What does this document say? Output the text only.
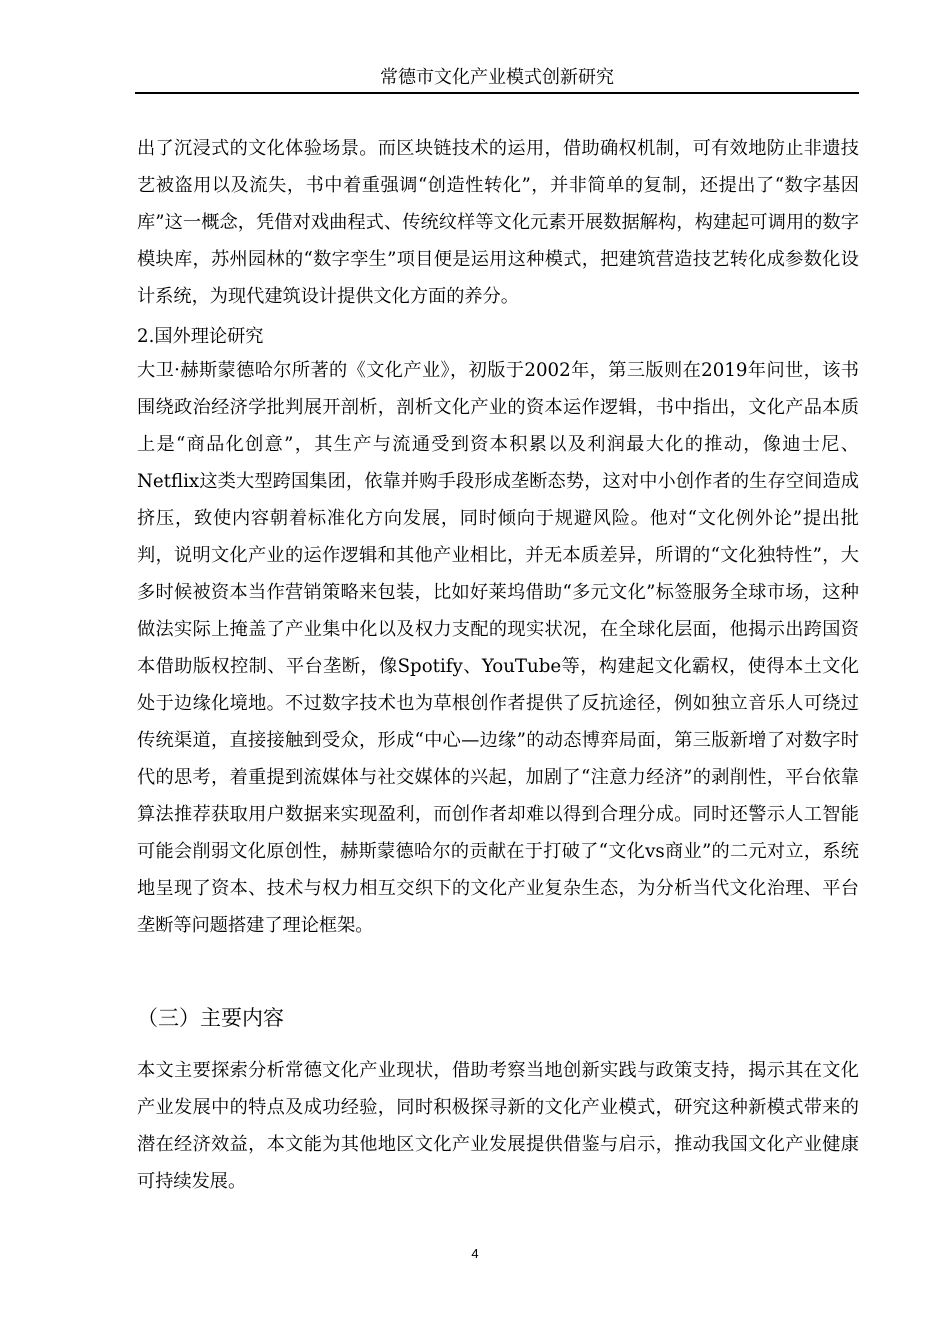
常德市文化产业模式创新研究

出了沉浸式的文化体验场景。而区块链技术的运用，借助确权机制，可有效地防止非遗技艺被盗用以及流失，书中着重强调“创造性转化”，并非简单的复制，还提出了“数字基因库”这一概念，凭借对戏曲程式、传统纹样等文化元素开展数据解构，构建起可调用的数字模块库，苏州园林的“数字孪生”项目便是运用这种模式，把建筑营造技艺转化成参数化设计系统，为现代建筑设计提供文化方面的养分。

2.国外理论研究

大卫·赫斯蒙德哈尔所著的《文化产业》，初版于2002年，第三版则在2019年问世，该书围绕政治经济学批判展开剖析，剖析文化产业的资本运作逻辑，书中指出，文化产品本质上是“商品化创意”，其生产与流通受到资本积累以及利润最大化的推动，像迪士尼、Netflix这类大型跨国集团，依靠并购手段形成垄断态势，这对中小创作者的生存空间造成挤压，致使内容朝着标准化方向发展，同时倾向于规避风险。他对“文化例外论”提出批判，说明文化产业的运作逻辑和其他产业相比，并无本质差异，所谓的“文化独特性”，大多时候被资本当作营销策略来包装，比如好莱坞借助“多元文化”标签服务全球市场，这种做法实际上掩盖了产业集中化以及权力支配的现实状况，在全球化层面，他揭示出跨国资本借助版权控制、平台垄断，像Spotify、YouTube等，构建起文化霸权，使得本土文化处于边缘化境地。不过数字技术也为草根创作者提供了反抗途径，例如独立音乐人可绕过传统渠道，直接接触到受众，形成“中心—边缘”的动态博弈局面，第三版新增了对数字时代的思考，着重提到流媒体与社交媒体的兴起，加剧了“注意力经济”的剥削性，平台依靠算法推荐获取用户数据来实现盈利，而创作者却难以得到合理分成。同时还警示人工智能可能会削弱文化原创性，赫斯蒙德哈尔的贡献在于打破了“文化vs商业”的二元对立，系统地呈现了资本、技术与权力相互交织下的文化产业复杂生态，为分析当代文化治理、平台垄断等问题搭建了理论框架。

（三）主要内容

本文主要探索分析常德文化产业现状，借助考察当地创新实践与政策支持，揭示其在文化产业发展中的特点及成功经验，同时积极探寻新的文化产业模式，研究这种新模式带来的潜在经济效益，本文能为其他地区文化产业发展提供借鉴与启示，推动我国文化产业健康可持续发展。

4
